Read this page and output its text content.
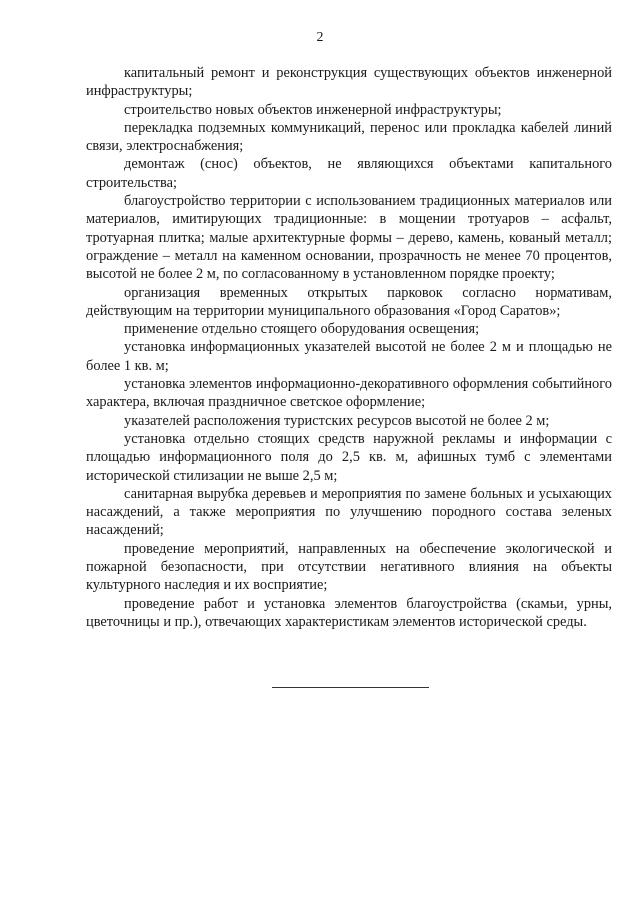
2

капитальный ремонт и реконструкция существующих объектов инженерной инфраструктуры;

строительство новых объектов инженерной инфраструктуры;

перекладка подземных коммуникаций, перенос или прокладка кабелей линий связи, электроснабжения;

демонтаж (снос) объектов, не являющихся объектами капитального строительства;

благоустройство территории с использованием традиционных материалов или материалов, имитирующих традиционные: в мощении тротуаров – асфальт, тротуарная плитка; малые архитектурные формы – дерево, камень, кованый металл; ограждение – металл на каменном основании, прозрачность не менее 70 процентов, высотой не более 2 м, по согласованному в установленном порядке проекту;

организация временных открытых парковок согласно нормативам, действующим на территории муниципального образования «Город Саратов»;

применение отдельно стоящего оборудования освещения;

установка информационных указателей высотой не более 2 м и площадью не более 1 кв. м;

установка элементов информационно-декоративного оформления событийного характера, включая праздничное светское оформление;

указателей расположения туристских ресурсов высотой не более 2 м;

установка отдельно стоящих средств наружной рекламы и информации с площадью информационного поля до 2,5 кв. м, афишных тумб с элементами исторической стилизации не выше 2,5 м;

санитарная вырубка деревьев и мероприятия по замене больных и усыхающих насаждений, а также мероприятия по улучшению породного состава зеленых насаждений;

проведение мероприятий, направленных на обеспечение экологической и пожарной безопасности, при отсутствии негативного влияния на объекты культурного наследия и их восприятие;

проведение работ и установка элементов благоустройства (скамьи, урны, цветочницы и пр.), отвечающих характеристикам элементов исторической среды.
